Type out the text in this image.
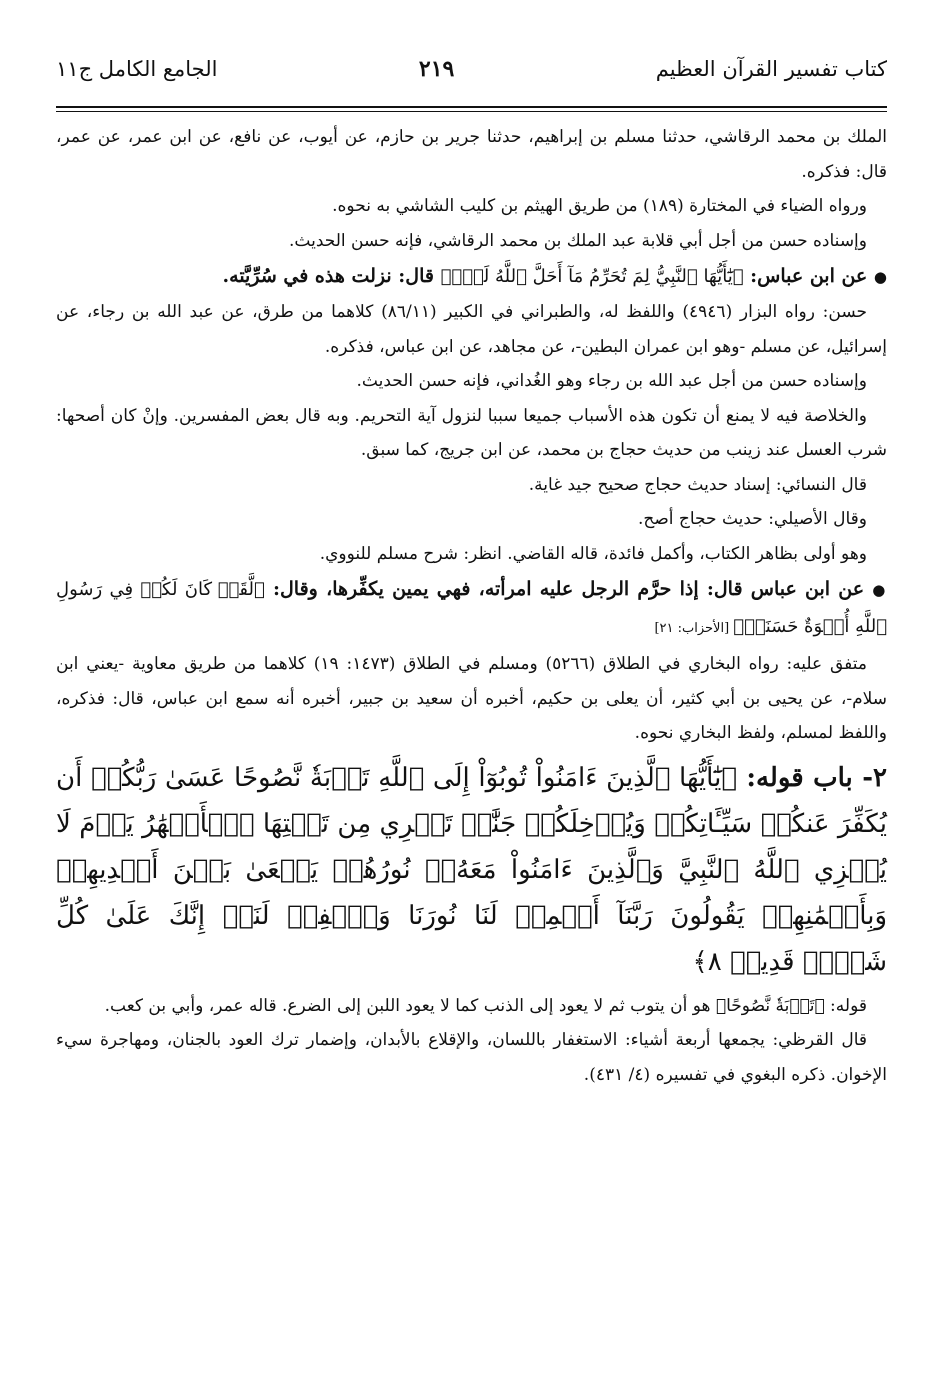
كتاب تفسير القرآن العظيم
٢١٩
الجامع الكامل ج١١

الملك بن محمد الرقاشي، حدثنا مسلم بن إبراهيم، حدثنا جرير بن حازم، عن أيوب، عن نافع، عن ابن عمر، عن عمر، قال: فذكره.

ورواه الضياء في المختارة (١٨٩) من طريق الهيثم بن كليب الشاشي به نحوه.

وإسناده حسن من أجل أبي قلابة عبد الملك بن محمد الرقاشي، فإنه حسن الحديث.

● عن ابن عباس: ﴿يَٰٓأَيُّهَا ٱلنَّبِيُّ لِمَ تُحَرِّمُ مَآ أَحَلَّ ٱللَّهُ لَكَۖ﴾ قال: نزلت هذه في سُرِّيَّته.

حسن: رواه البزار (٤٩٤٦) واللفظ له، والطبراني في الكبير (٨٦/١١) كلاهما من طرق، عن عبد الله بن رجاء، عن إسرائيل، عن مسلم -وهو ابن عمران البطين-، عن مجاهد، عن ابن عباس، فذكره.

وإسناده حسن من أجل عبد الله بن رجاء وهو الغُداني، فإنه حسن الحديث.

والخلاصة فيه لا يمنع أن تكون هذه الأسباب جميعا سببا لنزول آية التحريم. وبه قال بعض المفسرين. وإنْ كان أصحها: شرب العسل عند زينب من حديث حجاج بن محمد، عن ابن جريج، كما سبق.

قال النسائي: إسناد حديث حجاج صحيح جيد غاية.

وقال الأصيلي: حديث حجاج أصح.

وهو أولى بظاهر الكتاب، وأكمل فائدة، قاله القاضي. انظر: شرح مسلم للنووي.

● عن ابن عباس قال: إذا حرَّم الرجل عليه امرأته، فهي يمين يكفِّرها، وقال: ﴿لَّقَدۡ كَانَ لَكُمۡ فِي رَسُولِ ٱللَّهِ أُسۡوَةٌ حَسَنَةٞ﴾ [الأحزاب: ٢١]

متفق عليه: رواه البخاري في الطلاق (٥٢٦٦) ومسلم في الطلاق (١٤٧٣: ١٩) كلاهما من طريق معاوية -يعني ابن سلام-، عن يحيى بن أبي كثير، أن يعلى بن حكيم، أخبره أن سعيد بن جبير، أخبره أنه سمع ابن عباس، قال: فذكره، واللفظ لمسلم، ولفظ البخاري نحوه.

٢- باب قوله: ﴿يَٰٓأَيُّهَا ٱلَّذِينَ ءَامَنُواْ تُوبُوٓاْ إِلَى ٱللَّهِ تَوۡبَةٗ نَّصُوحًا عَسَىٰ رَبُّكُمۡ أَن يُكَفِّرَ عَنكُمۡ سَيِّـَٔاتِكُمۡ وَيُدۡخِلَكُمۡ جَنَّٰتٖ تَجۡرِي مِن تَحۡتِهَا ٱلۡأَنۡهَٰرُ يَوۡمَ لَا يُخۡزِي ٱللَّهُ ٱلنَّبِيَّ وَٱلَّذِينَ ءَامَنُواْ مَعَهُۥۖ نُورُهُمۡ يَسۡعَىٰ بَيۡنَ أَيۡدِيهِمۡ وَبِأَيۡمَٰنِهِمۡ يَقُولُونَ رَبَّنَآ أَتۡمِمۡ لَنَا نُورَنَا وَٱغۡفِرۡ لَنَآۖ إِنَّكَ عَلَىٰ كُلِّ شَيۡءٖ قَدِيرٞ ٨﴾

قوله: ﴿تَوۡبَةٗ نَّصُوحًا﴾ هو أن يتوب ثم لا يعود إلى الذنب كما لا يعود اللبن إلى الضرع. قاله عمر، وأبي بن كعب.

قال القرظي: يجمعها أربعة أشياء: الاستغفار باللسان، والإقلاع بالأبدان، وإضمار ترك العود بالجنان، ومهاجرة سيء الإخوان. ذكره البغوي في تفسيره (٤/ ٤٣١).
